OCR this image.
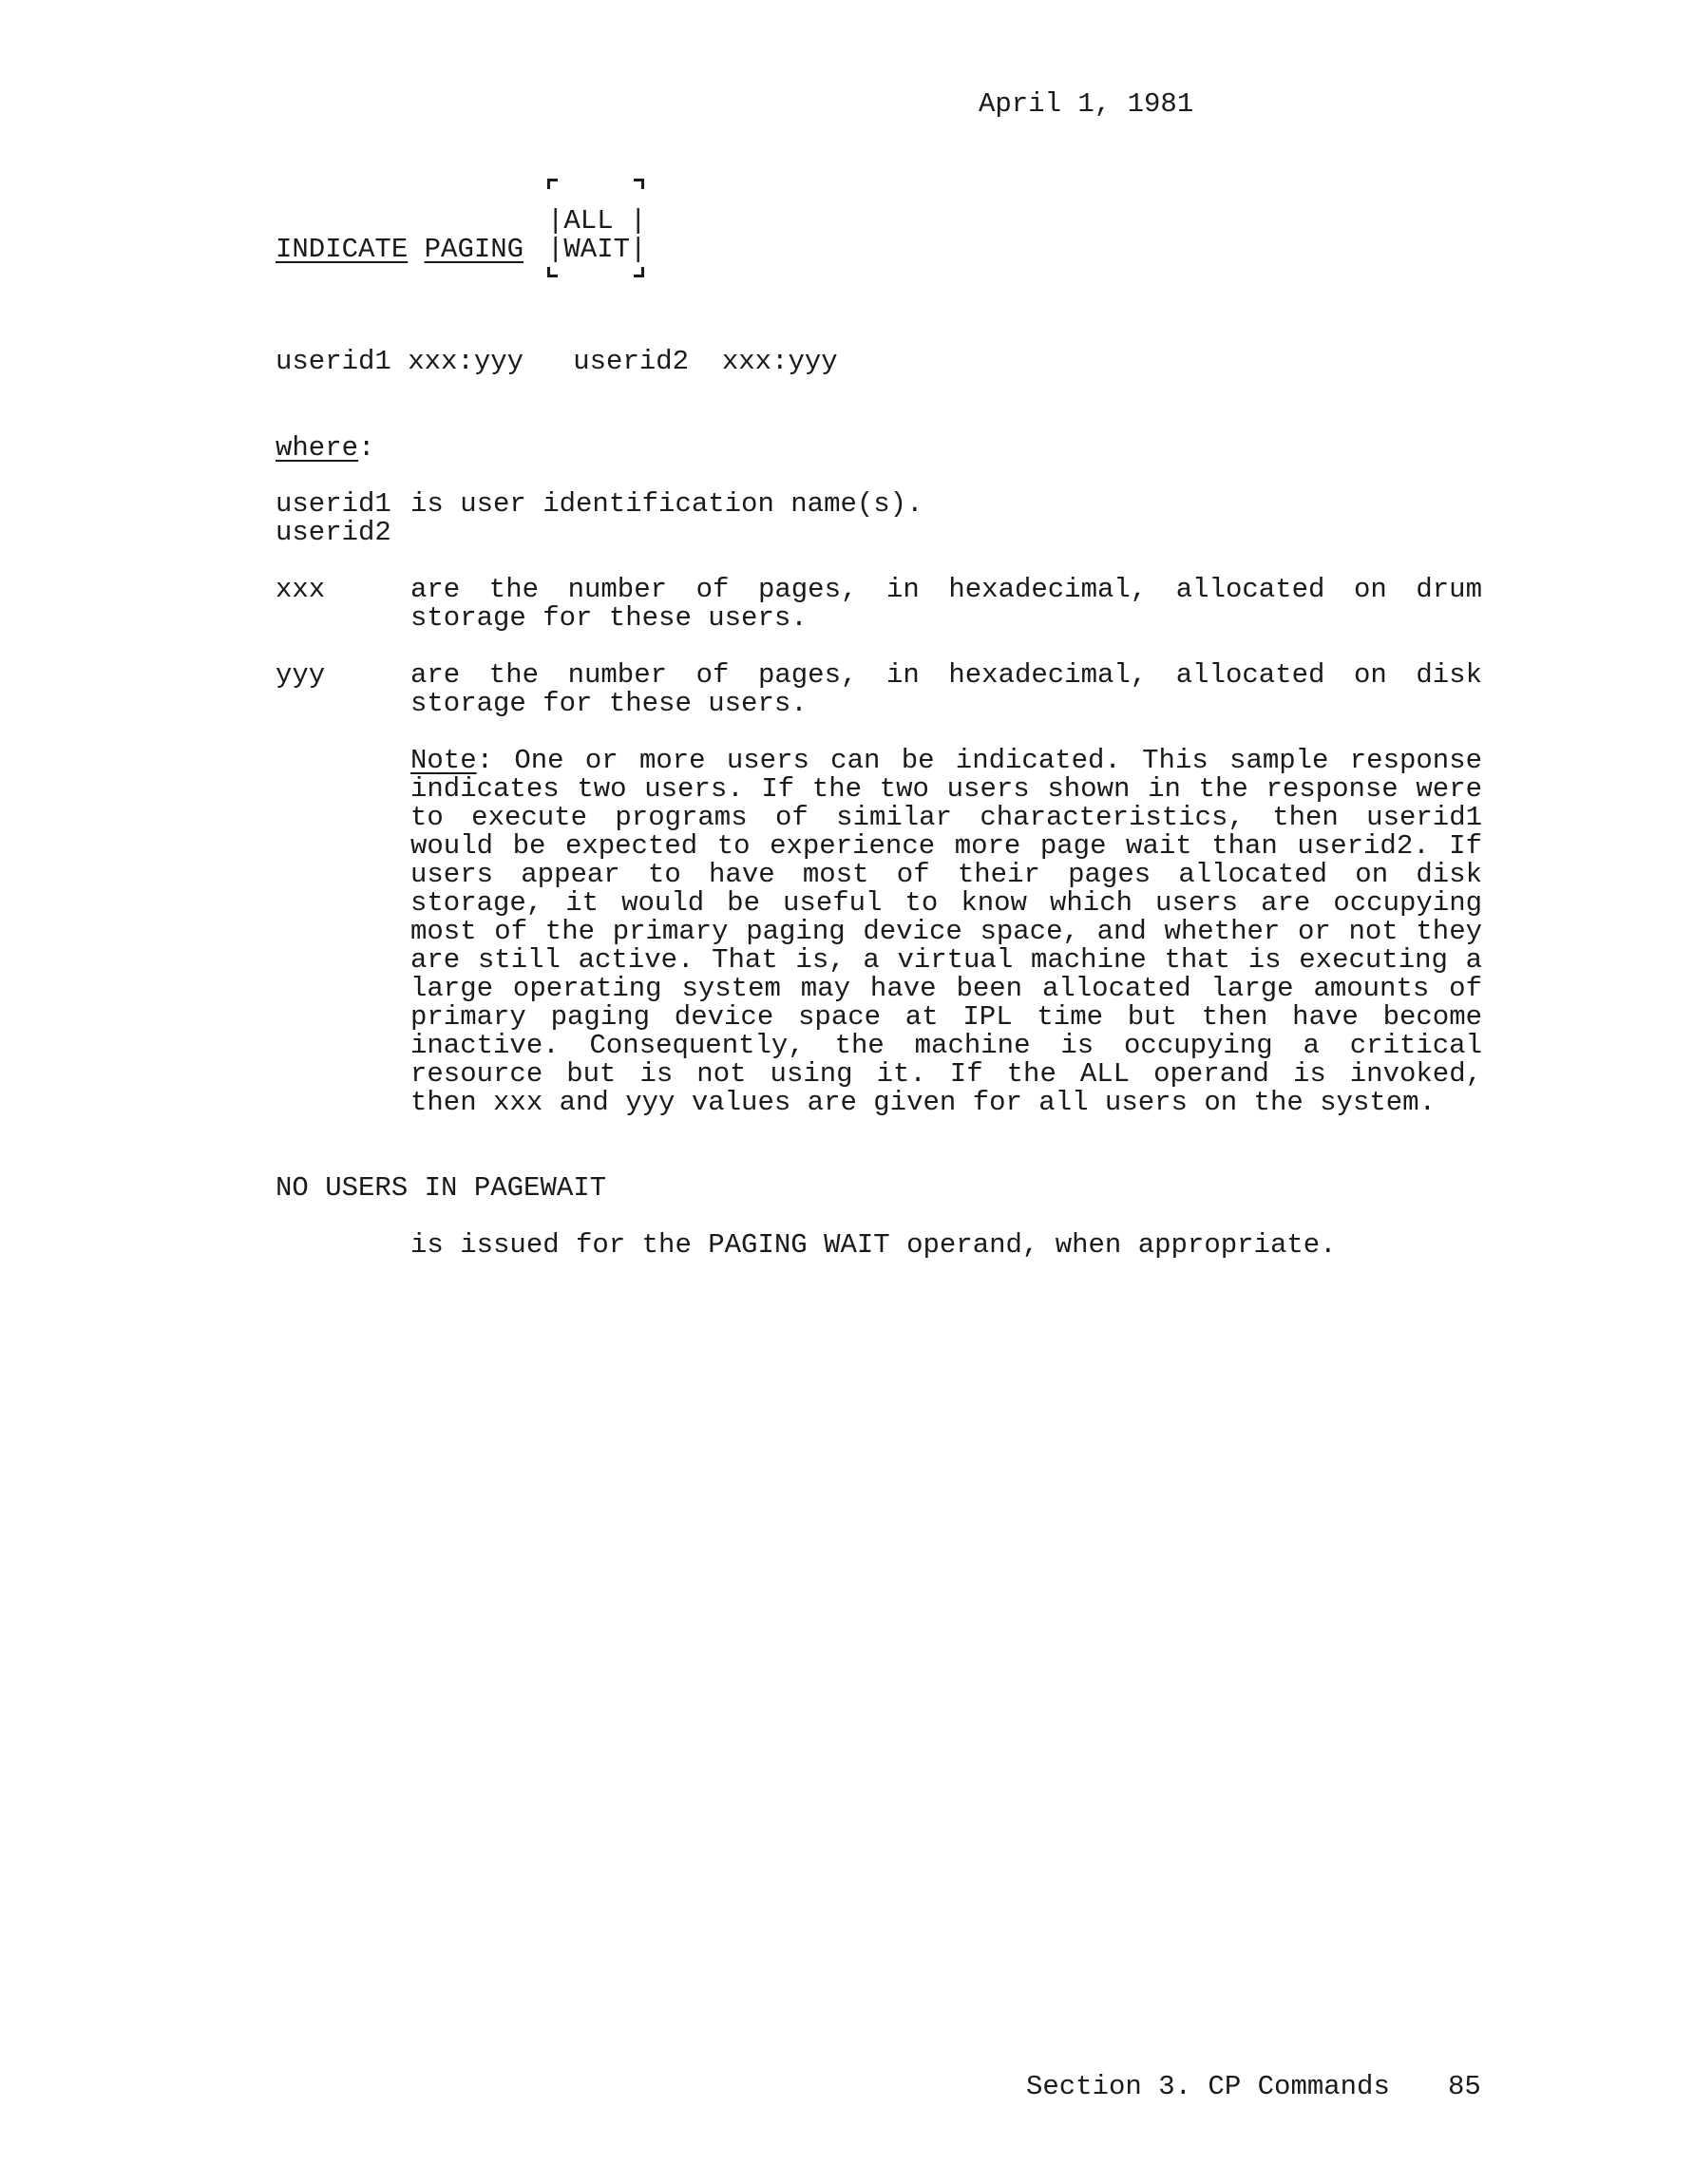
April 1, 1981
|ALL |
|WAIT|
INDICATE PAGING
userid1 xxx:yyy   userid2  xxx:yyy
where:
userid1
userid2
is user identification name(s).
xxx	are the number of pages, in hexadecimal, allocated on drum storage for these users.
yyy	are the number of pages, in hexadecimal, allocated on disk storage for these users.
Note: One or more users can be indicated. This sample response indicates two users. If the two users shown in the response were to execute programs of similar characteristics, then userid1 would be expected to experience more page wait than userid2. If users appear to have most of their pages allocated on disk storage, it would be useful to know which users are occupying most of the primary paging device space, and whether or not they are still active. That is, a virtual machine that is executing a large operating system may have been allocated large amounts of primary paging device space at IPL time but then have become inactive. Consequently, the machine is occupying a critical resource but is not using it. If the ALL operand is invoked, then xxx and yyy values are given for all users on the system.
NO USERS IN PAGEWAIT
is issued for the PAGING WAIT operand, when appropriate.
Section 3. CP Commands 85
